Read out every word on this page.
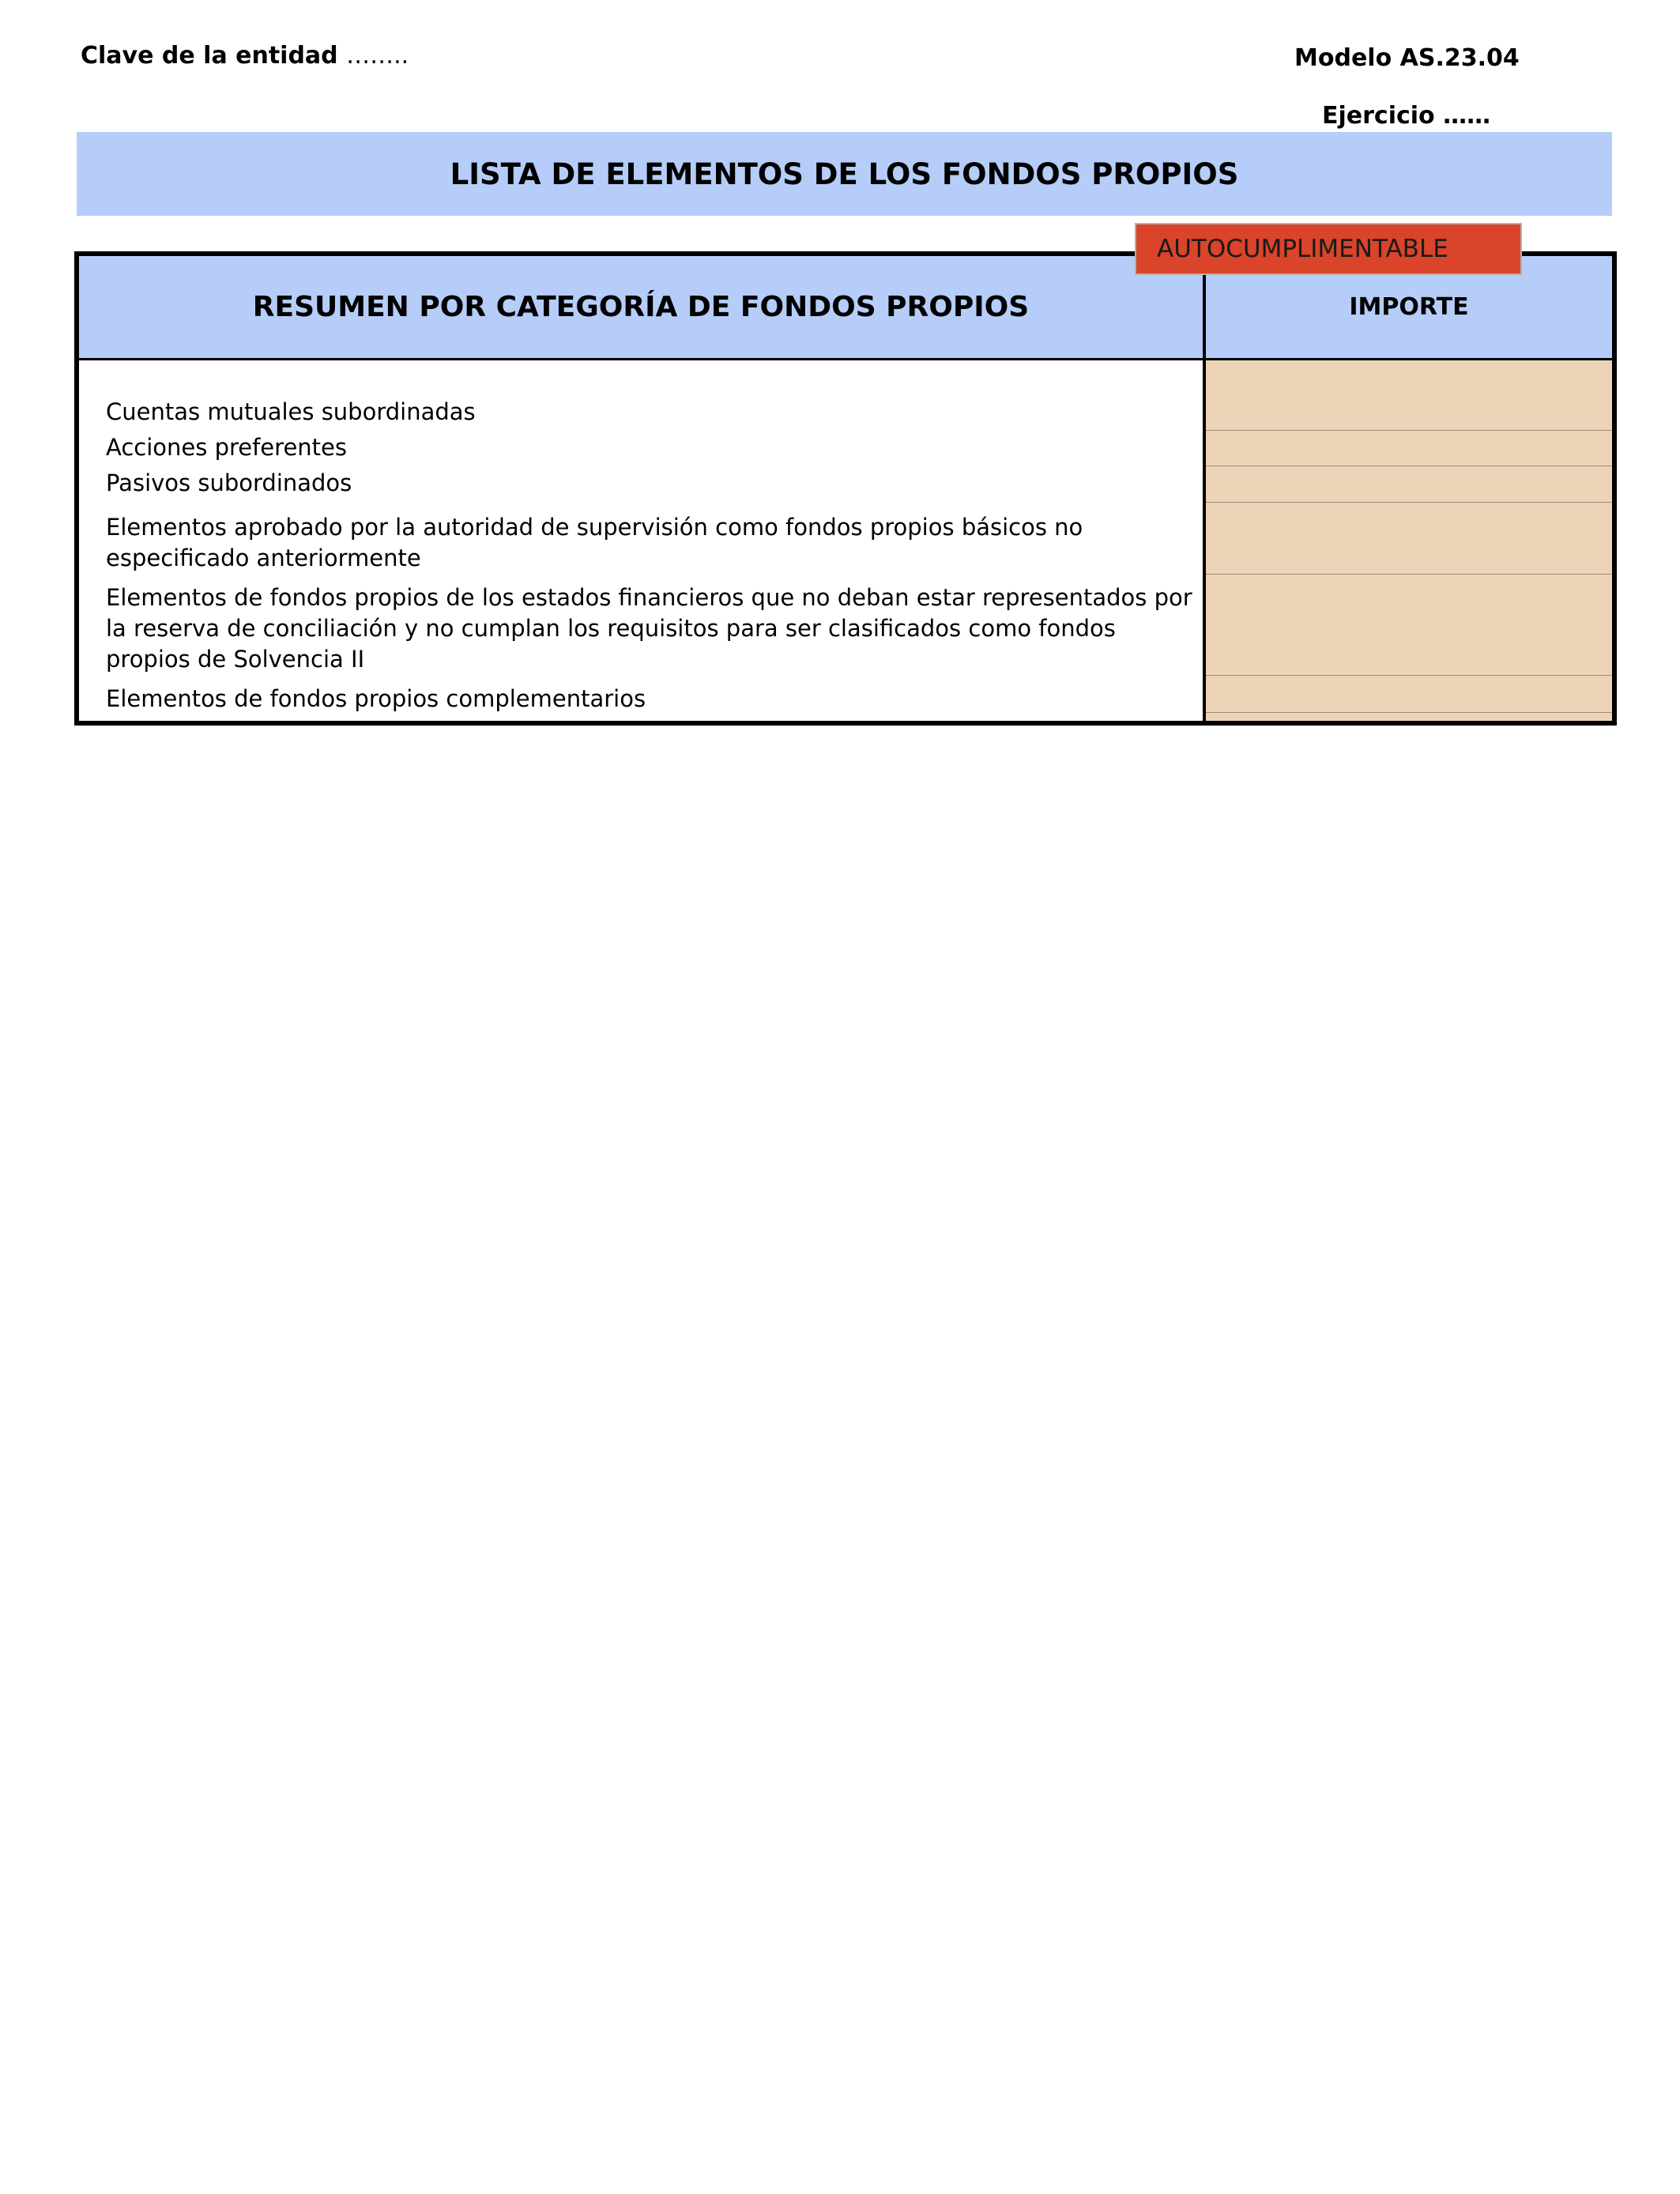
Clave de la entidad ……..	Modelo AS.23.04
Ejercicio ……
LISTA DE ELEMENTOS DE LOS FONDOS PROPIOS
RESUMEN POR CATEGORÍA DE FONDOS PROPIOS	IMPORTE
Cuentas mutuales subordinadas
Acciones preferentes
Pasivos subordinados
Elementos aprobado por la autoridad de supervisión como fondos propios básicos no especificado anteriormente
Elementos de fondos propios de los estados financieros que no deban estar representados por la reserva de conciliación y no cumplan los requisitos para ser clasificados como fondos propios de Solvencia II
Elementos de fondos propios complementarios
AUTOCUMPLIMENTABLE
